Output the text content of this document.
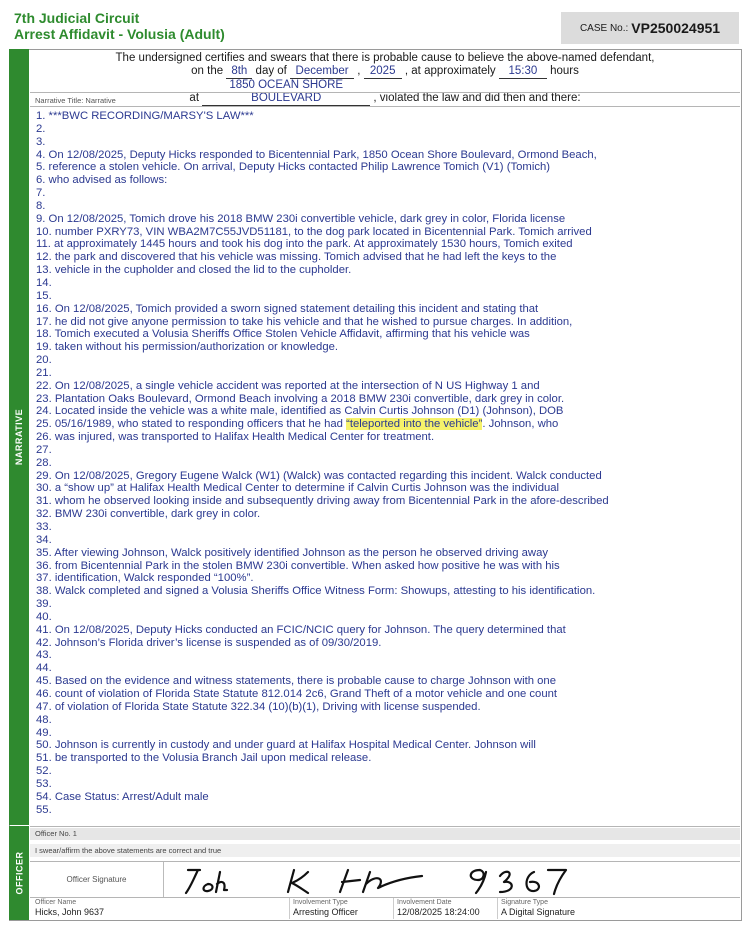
7th Judicial Circuit
Arrest Affidavit - Volusia (Adult)	CASE No.: VP250024951
NARRATIVE
OFFICER
The undersigned certifies and swears that there is probable cause to believe the above-named defendant,
on the 8th day of December , 2025 , at approximately 15:30 hours
at 1850 OCEAN SHORE BOULEVARD	, violated the law and did then and there:
Narrative Title: Narrative
1. ***BWC RECORDING/MARSY'S LAW***
2.
3.
4. On 12/08/2025, Deputy Hicks responded to Bicentennial Park, 1850 Ocean Shore Boulevard, Ormond Beach,
5. reference a stolen vehicle. On arrival, Deputy Hicks contacted Philip Lawrence Tomich (V1) (Tomich)
6. who advised as follows:
7.
8.
9. On 12/08/2025, Tomich drove his 2018 BMW 230i convertible vehicle, dark grey in color, Florida license
10. number PXRY73, VIN WBA2M7C55JVD51181, to the dog park located in Bicentennial Park. Tomich arrived
11. at approximately 1445 hours and took his dog into the park. At approximately 1530 hours, Tomich exited
12. the park and discovered that his vehicle was missing. Tomich advised that he had left the keys to the
13. vehicle in the cupholder and closed the lid to the cupholder.
14.
15.
16. On 12/08/2025, Tomich provided a sworn signed statement detailing this incident and stating that
17. he did not give anyone permission to take his vehicle and that he wished to pursue charges. In addition,
18. Tomich executed a Volusia Sheriffs Office Stolen Vehicle Affidavit, affirming that his vehicle was
19. taken without his permission/authorization or knowledge.
20.
21.
22. On 12/08/2025, a single vehicle accident was reported at the intersection of N US Highway 1 and
23. Plantation Oaks Boulevard, Ormond Beach involving a 2018 BMW 230i convertible, dark grey in color.
24. Located inside the vehicle was a white male, identified as Calvin Curtis Johnson (D1) (Johnson), DOB
25. 05/16/1989, who stated to responding officers that he had “teleported into the vehicle”. Johnson, who
26. was injured, was transported to Halifax Health Medical Center for treatment.
27.
28.
29. On 12/08/2025, Gregory Eugene Walck (W1) (Walck) was contacted regarding this incident. Walck conducted
30. a “show up” at Halifax Health Medical Center to determine if Calvin Curtis Johnson was the individual
31. whom he observed looking inside and subsequently driving away from Bicentennial Park in the afore-described
32. BMW 230i convertible, dark grey in color.
33.
34.
35. After viewing Johnson, Walck positively identified Johnson as the person he observed driving away
36. from Bicentennial Park in the stolen BMW 230i convertible. When asked how positive he was with his
37. identification, Walck responded “100%”.
38. Walck completed and signed a Volusia Sheriffs Office Witness Form: Showups, attesting to his identification.
39.
40.
41. On 12/08/2025, Deputy Hicks conducted an FCIC/NCIC query for Johnson. The query determined that
42. Johnson’s Florida driver’s license is suspended as of 09/30/2019.
43.
44.
45. Based on the evidence and witness statements, there is probable cause to charge Johnson with one
46. count of violation of Florida State Statute 812.014 2c6, Grand Theft of a motor vehicle and one count
47. of violation of Florida State Statute 322.34 (10)(b)(1), Driving with license suspended.
48.
49.
50. Johnson is currently in custody and under guard at Halifax Hospital Medical Center. Johnson will
51. be transported to the Volusia Branch Jail upon medical release.
52.
53.
54. Case Status: Arrest/Adult male
55.
Officer No. 1
I swear/affirm the above statements are correct and true
Officer Signature
Officer Name
Hicks, John 9637
Involvement Type
Arresting Officer
Involvement Date
12/08/2025 18:24:00
Signature Type
A Digital Signature
